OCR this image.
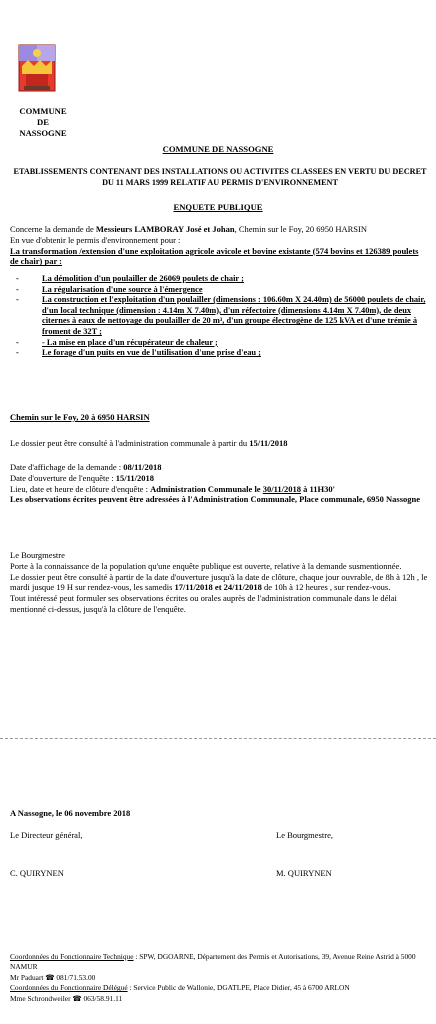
COMMUNE
DE
NASSOGNE
COMMUNE DE NASSOGNE
ETABLISSEMENTS CONTENANT DES INSTALLATIONS OU ACTIVITES CLASSEES EN VERTU DU DECRET DU 11 MARS 1999 RELATIF AU PERMIS D'ENVIRONNEMENT
ENQUETE PUBLIQUE
Concerne la demande de Messieurs LAMBORAY José et Johan, Chemin sur le Foy, 20 6950 HARSIN
En vue d'obtenir le permis d'environnement pour :
La transformation /extension d'une exploitation agricole avicole et bovine existante (574 bovins et 126389 poulets de chair) par :
-	La démolition d'un poulailler de 26069 poulets de chair ;
-	La régularisation d'une source à l'émergence
-	La construction et l'exploitation d'un poulailler (dimensions : 106.60m X 24.40m) de 56000 poulets de chair, d'un local technique (dimension : 4.14m X 7.40m), d'un réfectoire (dimensions 4.14m X 7.40m), de deux citernes à eaux de nettoyage du poulailler de 20 m³, d'un groupe électrogène de 125 kVA et d'une trémie à froment de 32T ;
-	- La mise en place d'un récupérateur de chaleur ;
-	Le forage d'un puits en vue de l'utilisation d'une prise d'eau ;
Chemin sur le Foy, 20 à 6950 HARSIN
Le dossier peut être consulté à l'administration communale à partir du 15/11/2018
Date d'affichage de la demande : 08/11/2018
Date d'ouverture de l'enquête : 15/11/2018
Lieu, date et heure de clôture d'enquête : Administration Communale le 30/11/2018 à 11H30'
Les observations écrites peuvent être adressées à l'Administration Communale, Place communale, 6950 Nassogne
Le Bourgmestre
Porte à la connaissance de la population qu'une enquête publique est ouverte, relative à la demande susmentionnée.
Le dossier peut être consulté à partir de la date d'ouverture jusqu'à la date de clôture, chaque jour ouvrable, de 8h à 12h , le mardi jusque 19 H sur rendez-vous, les samedis 17/11/2018 et 24/11/2018 de 10h à 12 heures , sur rendez-vous.
Tout intéressé peut formuler ses observations écrites ou orales auprès de l'administration communale dans le délai mentionné ci-dessus, jusqu'à la clôture de l'enquête.
A Nassogne, le 06 novembre 2018
Le Directeur général,	Le Bourgmestre,
C. QUIRYNEN	M. QUIRYNEN
Coordonnées du Fonctionnaire Technique : SPW, DGOARNE, Département des Permis et Autorisations, 39, Avenue Reine Astrid à 5000 NAMUR
Mr Paduart ☎ 081/71.53.00
Coordonnées du Fonctionnaire Délégué : Service Public de Wallonie, DGATLPE, Place Didier, 45 à 6700 ARLON
Mme Schrondweiler ☎ 063/58.91.11
